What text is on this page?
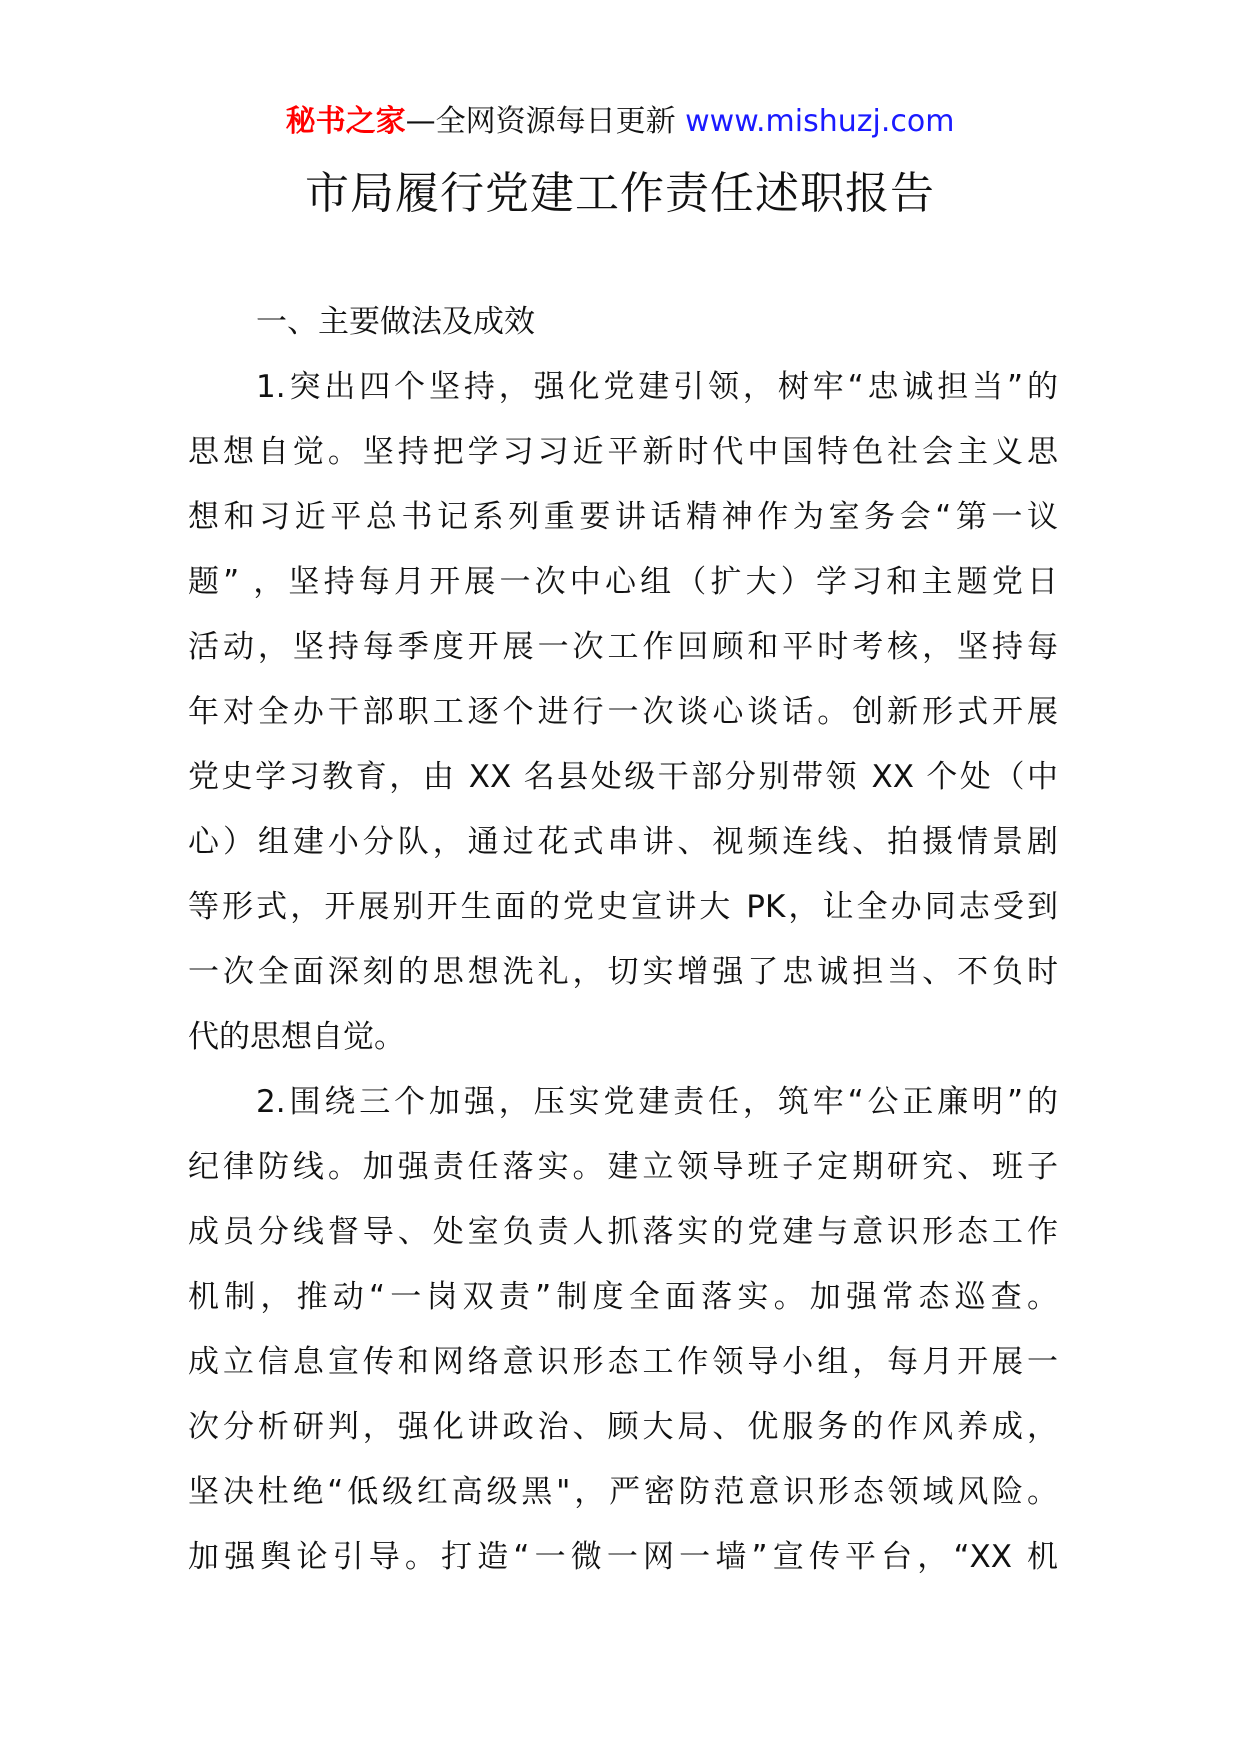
秘书之家—全网资源每日更新 www.mishuzj.com
市局履行党建工作责任述职报告
一、主要做法及成效
1.突出四个坚持，强化党建引领，树牢“忠诚担当”的
思想自觉。坚持把学习习近平新时代中国特色社会主义思
想和习近平总书记系列重要讲话精神作为室务会“第一议
题” ，坚持每月开展一次中心组（扩大）学习和主题党日
活动，坚持每季度开展一次工作回顾和平时考核，坚持每
年对全办干部职工逐个进行一次谈心谈话。创新形式开展
党史学习教育，由 XX 名县处级干部分别带领 XX 个处（中
心）组建小分队，通过花式串讲、视频连线、拍摄情景剧
等形式，开展别开生面的党史宣讲大 PK，让全办同志受到
一次全面深刻的思想洗礼，切实增强了忠诚担当、不负时
代的思想自觉。
2.围绕三个加强，压实党建责任，筑牢“公正廉明”的
纪律防线。加强责任落实。建立领导班子定期研究、班子
成员分线督导、处室负责人抓落实的党建与意识形态工作
机制，推动“一岗双责”制度全面落实。加强常态巡查。
成立信息宣传和网络意识形态工作领导小组，每月开展一
次分析研判，强化讲政治、顾大局、优服务的作风养成，
坚决杜绝“低级红高级黑"，严密防范意识形态领域风险。
加强舆论引导。打造“一微一网一墙”宣传平台，“XX 机
